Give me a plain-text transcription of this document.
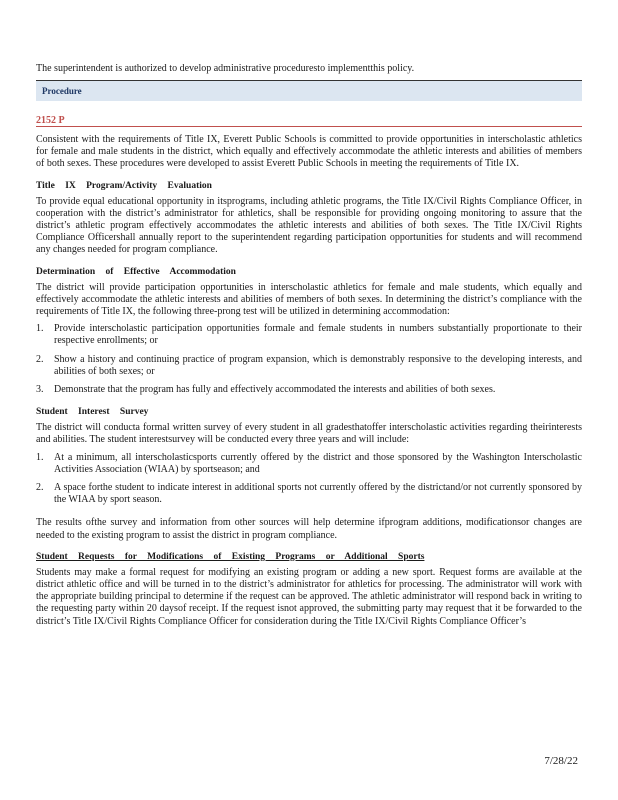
The superintendent is authorized to develop administrative proceduresto implementthis policy.

Procedure
2152 P

Consistent with the requirements of Title IX, Everett Public Schools is committed to provide opportunities in interscholastic athletics for female and male students in the district, which equally and effectively accommodate the athletic interests and abilities of members of both sexes. These procedures were developed to assist Everett Public Schools in meeting the requirements of Title IX.

Title IX Program/Activity Evaluation

To provide equal educational opportunity in itsprograms, including athletic programs, the Title IX/Civil Rights Compliance Officer, in cooperation with the district’s administrator for athletics, shall be responsible for providing ongoing monitoring to assure that the district’s athletic program effectively accommodates the athletic interests and abilities of both sexes. The Title IX/Civil Rights Compliance Officershall annually report to the superintendent regarding participation opportunities for students and will recommend any changes needed for program compliance.

Determination of Effective Accommodation

The district will provide participation opportunities in interscholastic athletics for female and male students, which equally and effectively accommodate the athletic interests and abilities of members of both sexes. In determining the district’s compliance with the requirements of Title IX, the following three-prong test will be utilized in determining accommodation:

1. Provide interscholastic participation opportunities formale and female students in numbers substantially proportionate to their respective enrollments; or
2. Show a history and continuing practice of program expansion, which is demonstrably responsive to the developing interests, and abilities of both sexes; or
3. Demonstrate that the program has fully and effectively accommodated the interests and abilities of both sexes.
Student Interest Survey

The district will conducta formal written survey of every student in all gradesthatoffer interscholastic activities regarding theirinterests and abilities. The student interestsurvey will be conducted every three years and will include:

1. At a minimum, all interscholasticsports currently offered by the district and those sponsored by the Washington Interscholastic Activities Association (WIAA) by sportseason; and
2. A space forthe student to indicate interest in additional sports not currently offered by the districtand/or not currently sponsored by the WIAA by sport season.

The results ofthe survey and information from other sources will help determine ifprogram additions, modificationsor changes are needed to the existing program to assist the district in program compliance.

Student Requests for Modifications of Existing Programs or Additional Sports

Students may make a formal request for modifying an existing program or adding a new sport. Request forms are available at the district athletic office and will be turned in to the district’s administrator for athletics for processing. The administrator will work with the appropriate building principal to determine if the request can be approved. The athletic administrator will respond back in writing to the requesting party within 20 daysof receipt. If the request isnot approved, the submitting party may request that it be forwarded to the district’s Title IX/Civil Rights Compliance Officer for consideration during the Title IX/Civil Rights Compliance Officer’s

7/28/22
